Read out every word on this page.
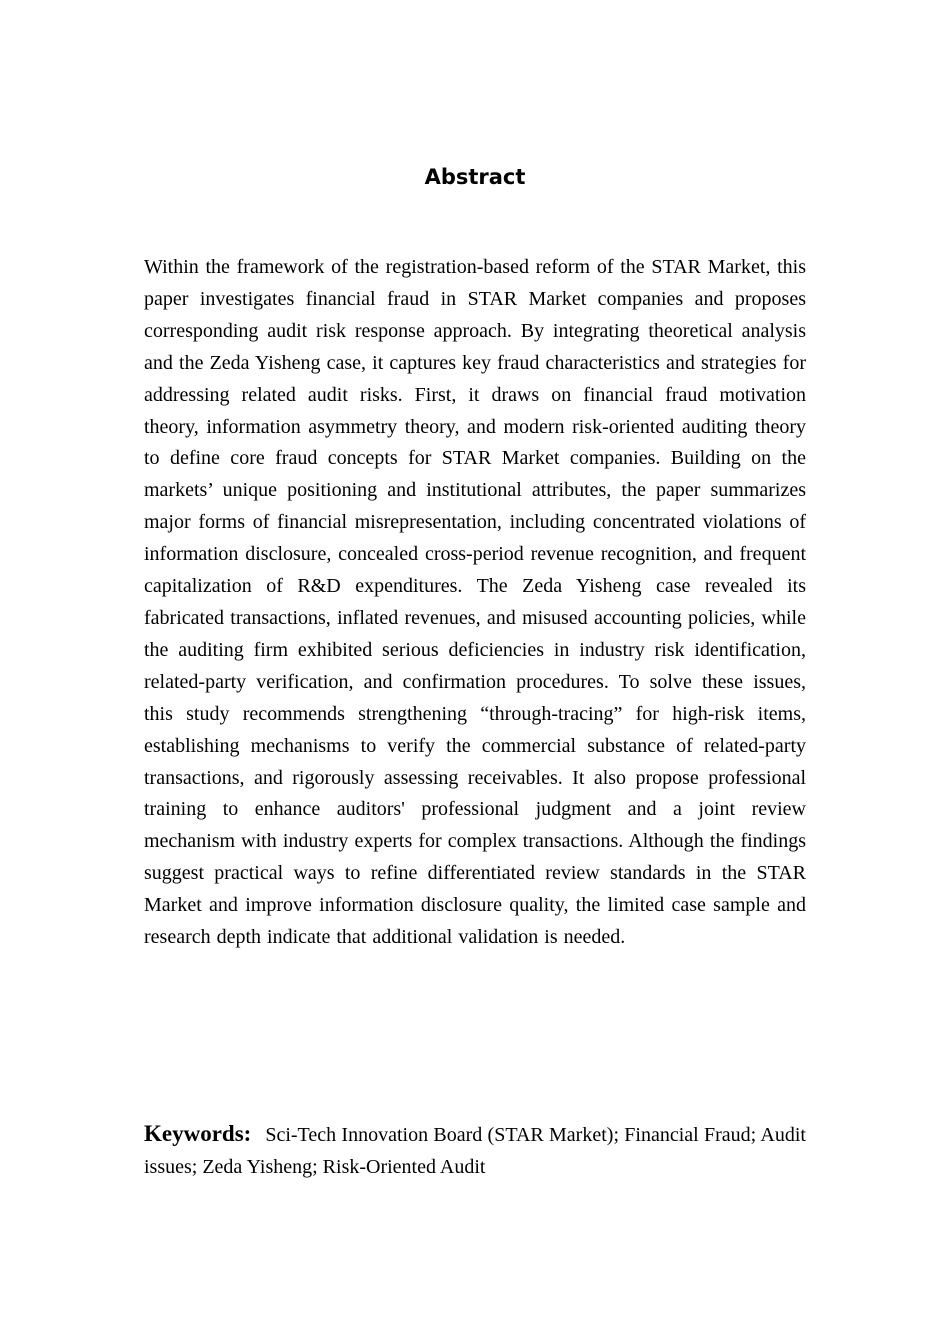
Abstract

Within the framework of the registration-based reform of the STAR Market, this paper investigates financial fraud in STAR Market companies and proposes corresponding audit risk response approach. By integrating theoretical analysis and the Zeda Yisheng case, it captures key fraud characteristics and strategies for addressing related audit risks. First, it draws on financial fraud motivation theory, information asymmetry theory, and modern risk-oriented auditing theory to define core fraud concepts for STAR Market companies. Building on the markets’ unique positioning and institutional attributes, the paper summarizes major forms of financial misrepresentation, including concentrated violations of information disclosure, concealed cross-period revenue recognition, and frequent capitalization of R&D expenditures. The Zeda Yisheng case revealed its fabricated transactions, inflated revenues, and misused accounting policies, while the auditing firm exhibited serious deficiencies in industry risk identification, related-party verification, and confirmation procedures. To solve these issues, this study recommends strengthening “through-tracing” for high-risk items, establishing mechanisms to verify the commercial substance of related-party transactions, and rigorously assessing receivables. It also propose professional training to enhance auditors' professional judgment and a joint review mechanism with industry experts for complex transactions. Although the findings suggest practical ways to refine differentiated review standards in the STAR Market and improve information disclosure quality, the limited case sample and research depth indicate that additional validation is needed.

Keywords: Sci-Tech Innovation Board (STAR Market); Financial Fraud; Audit issues; Zeda Yisheng; Risk-Oriented Audit
